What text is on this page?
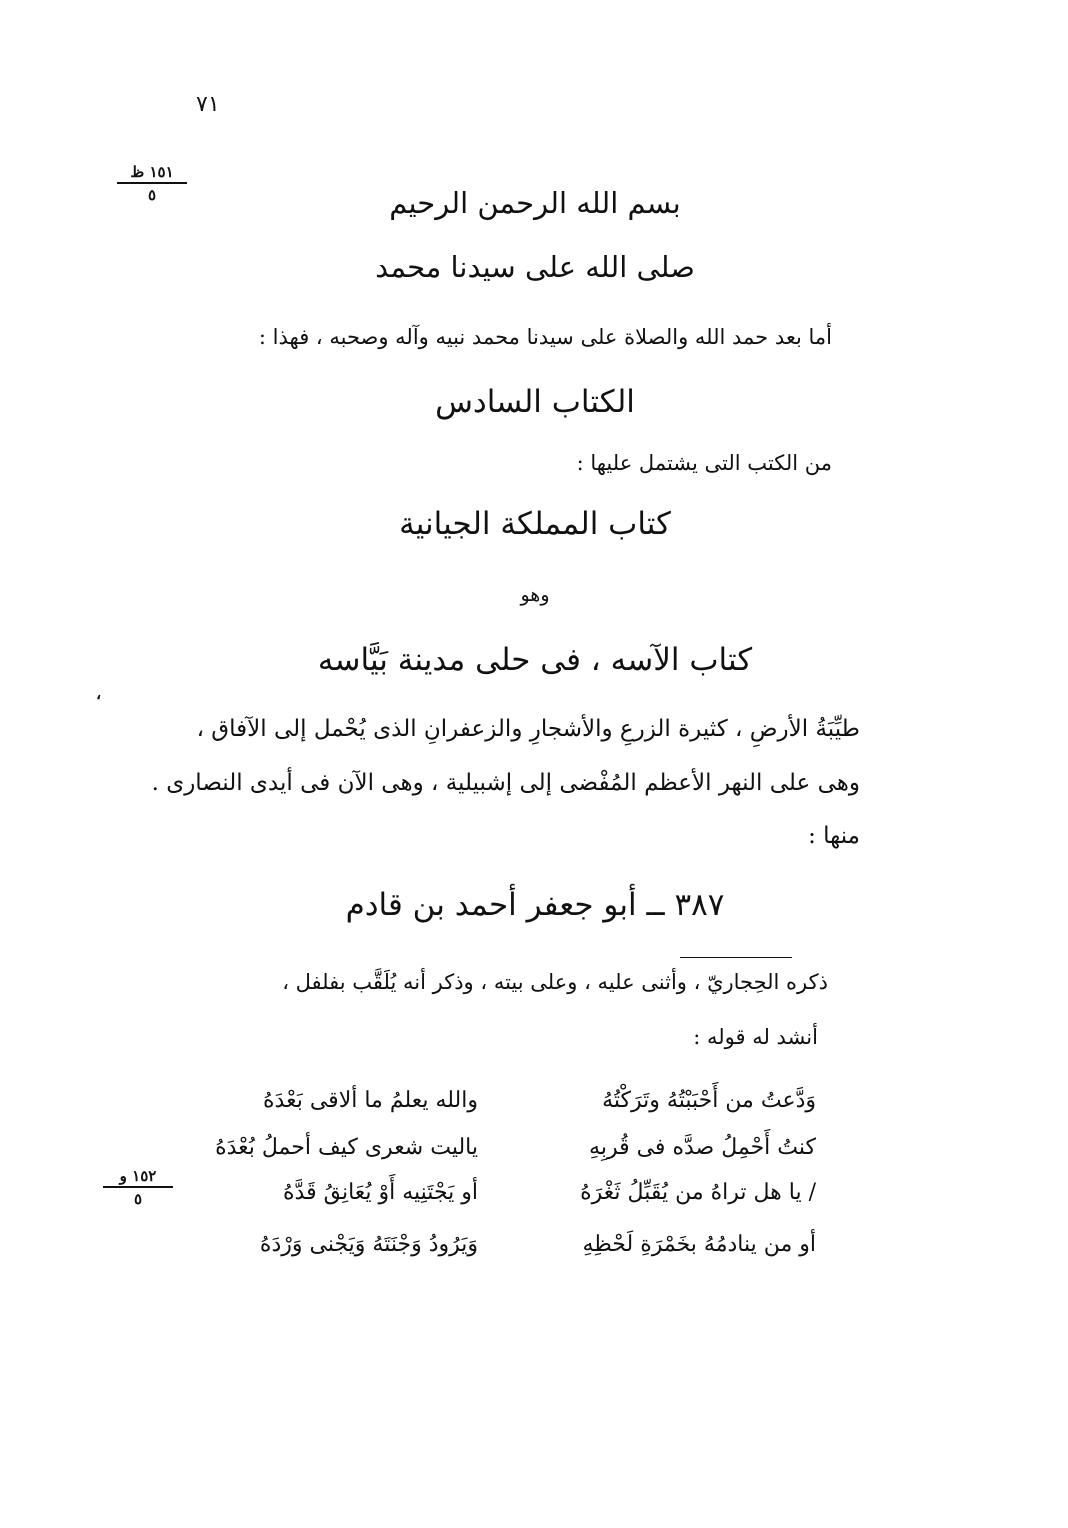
٧١
١٥١ ظ
٥	بسم الله الرحمن الرحيم
صلى الله على سيدنا محمد
أما بعد حمد الله والصلاة على سيدنا محمد نبيه وآله وصحبه ، فهذا :
الكتاب السادس
من الكتب التى يشتمل عليها :
كتاب المملكة الجيانية
وهو
كتاب الآسه ، فى حلى مدينة بَيَّاسه
،
طيِّبَةُ الأرضِ ، كثيرة الزرعِ والأشجارِ والزعفرانِ الذى يُحْمل إلى الآفاق ،
وهى على النهر الأعظم المُفْضى إلى إشبيلية ، وهى الآن فى أيدى النصارى .
منها :
٣٨٧ ــ أبو جعفر أحمد بن قادم
ذكره الحِجاريّ ، وأثنى عليه ، وعلى بيته ، وذكر أنه يُلَقَّب بفلفل ،
أنشد له قوله :
وَدَّعتُ من أَحْبَبْتُهُ وتَرَكْتُهُ
والله يعلمُ ما ألاقى بَعْدَهُ
كنتُ أَحْمِلُ صدَّه فى قُربِهِ
ياليت شعرى كيف أحملُ بُعْدَهُ
/ يا هل تراهُ من يُقَبِّلُ ثَغْرَهُ
أو يَجْتَنِيه أَوْ يُعَانِقُ قَدَّهُ
أو من ينادمُهُ بخَمْرَةِ لَحْظِهِ
وَيَرُودُ وَجْنَتَهُ وَيَجْنى وَرْدَهُ
١٥٢ و
٥
